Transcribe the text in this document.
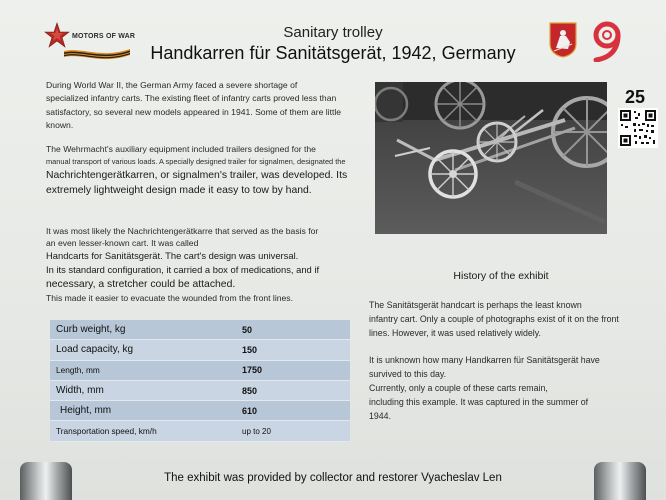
MOTORS OF WAR	Sanitary trolley
Handkarren für Sanitätsgerät, 1942, Germany

During World War II, the German Army faced a severe shortage of
specialized infantry carts. The existing fleet of infantry carts proved less than
satisfactory, so several new models appeared in 1941. Some of them are little known.

The Wehrmacht's auxiliary equipment included trailers designed for the
manual transport of various loads. A specially designed trailer for signalmen, designated the
Nachrichtengerätkarren, or signalmen's trailer, was developed. Its
extremely lightweight design made it easy to tow by hand.

It was most likely the Nachrichtengerätkarre that served as the basis for
an even lesser-known cart. It was called
Handcarts for Sanitätsgerät. The cart's design was universal.
In its standard configuration, it carried a box of medications, and if
necessary, a stretcher could be attached.
This made it easier to evacuate the wounded from the front lines.

25
History of the exhibit

The Sanitätsgerät handcart is perhaps the least known
infantry cart. Only a couple of photographs exist of it on the front
lines. However, it was used relatively widely.

It is unknown how many Handkarren für Sanitätsgerät have
survived to this day.
Currently, only a couple of these carts remain,
including this example. It was captured in the summer of
1944.

Curb weight, kg	50
Load capacity, kg	150
Length, mm	1750
Width, mm	850
Height, mm	610
Transportation speed, km/h	up to 20
The exhibit was provided by collector and restorer Vyacheslav Len
